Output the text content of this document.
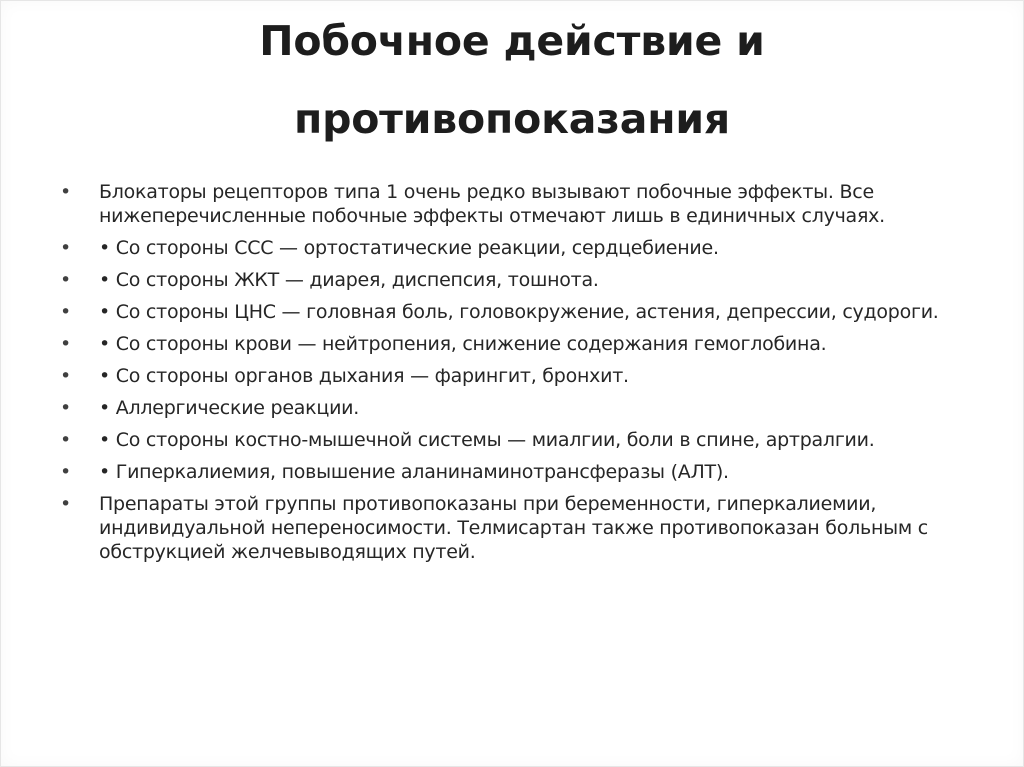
Побочное действие и
противопоказания
• Блокаторы рецепторов типа 1 очень редко вызывают побочные эффекты. Все нижеперечисленные побочные эффекты отмечают лишь в единичных случаях.
• • Со стороны ССС — ортостатические реакции, сердцебиение.
• • Со стороны ЖКТ — диарея, диспепсия, тошнота.
• • Со стороны ЦНС — головная боль, головокружение, астения, депрессии, судороги.
• • Со стороны крови — нейтропения, снижение содержания гемоглобина.
• • Со стороны органов дыхания — фарингит, бронхит.
• • Аллергические реакции.
• • Со стороны костно-мышечной системы — миалгии, боли в спине, артралгии.
• • Гиперкалиемия, повышение аланинаминотрансферазы (АЛТ).
• Препараты этой группы противопоказаны при беременности, гиперкалиемии, индивидуальной непереносимости. Телмисартан также противопоказан больным с обструкцией желчевыводящих путей.
